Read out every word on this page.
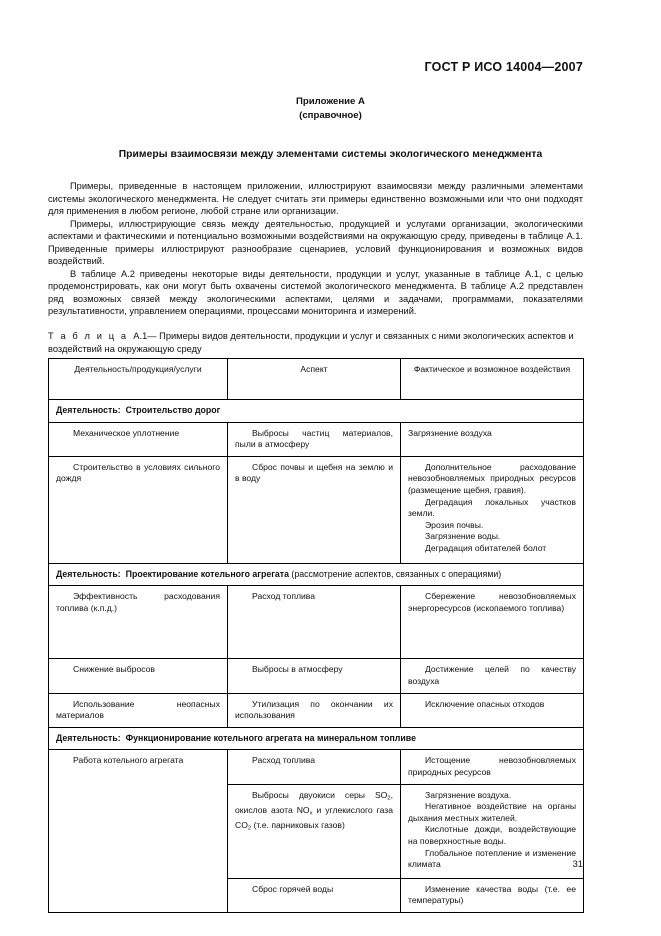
ГОСТ Р ИСО 14004—2007
Приложение А
(справочное)
Примеры взаимосвязи между элементами системы экологического менеджмента

Примеры, приведенные в настоящем приложении, иллюстрируют взаимосвязи между различными элементами системы экологического менеджмента. Не следует считать эти примеры единственно возможными или что они подходят для применения в любом регионе, любой стране или организации.

Примеры, иллюстрирующие связь между деятельностью, продукцией и услугами организации, экологическими аспектами и фактическими и потенциально возможными воздействиями на окружающую среду, приведены в таблице А.1. Приведенные примеры иллюстрируют разнообразие сценариев, условий функционирования и возможных видов воздействий.

В таблице А.2 приведены некоторые виды деятельности, продукции и услуг, указанные в таблице А.1, с целью продемонстрировать, как они могут быть охвачены системой экологического менеджмента. В таблице А.2 представлен ряд возможных связей между экологическими аспектами, целями и задачами, программами, показателями результативности, управлением операциями, процессами мониторинга и измерений.

Т а б л и ц а А.1— Примеры видов деятельности, продукции и услуг и связанных с ними экологических аспектов и воздействий на окружающую среду
Деятельность/продукция/услуги	Аспект	Фактическое и возможное воздействия
Деятельность: Строительство дорог		
Механическое уплотнение	Выбросы частиц материалов, пыли в атмосферу	Загрязнение воздуха
Строительство в условиях сильного дождя	Сброс почвы и щебня на землю и в воду	Дополнительное расходование невозобновляемых природных ресурсов (размещение щебня, гравия).
Деградация локальных участков земли.
Эрозия почвы.
Загрязнение воды.
Деградация обитателей болот

Деятельность: Проектирование котельного агрегата (рассмотрение аспектов, связанных с операциями)		
Эффективность расходования топлива (к.п.д.)	Расход топлива	Сбережение невозобновляемых энергоресурсов (ископаемого топлива)
Снижение выбросов	Выбросы в атмосферу	Достижение целей по качеству воздуха
Использование неопасных материалов	Утилизация по окончании их использования	Исключение опасных отходов
Деятельность: Функционирование котельного агрегата на минеральном топливе		
Работа котельного агрегата	Расход топлива	Истощение невозобновляемых природных ресурсов
	Выбросы двуокиси серы $SO_2$, окислов азота $NO_x$ и углекислого газа $CO_2$ (т.е. парниковых газов)	Загрязнение воздуха.
Негативное воздействие на органы дыхания местных жителей.
Кислотные дожди, воздействующие на поверхностные воды.
Глобальное потепление и изменение климата

	Сброс горячей воды	Изменение качества воды (т.е. ее температуры)
31
